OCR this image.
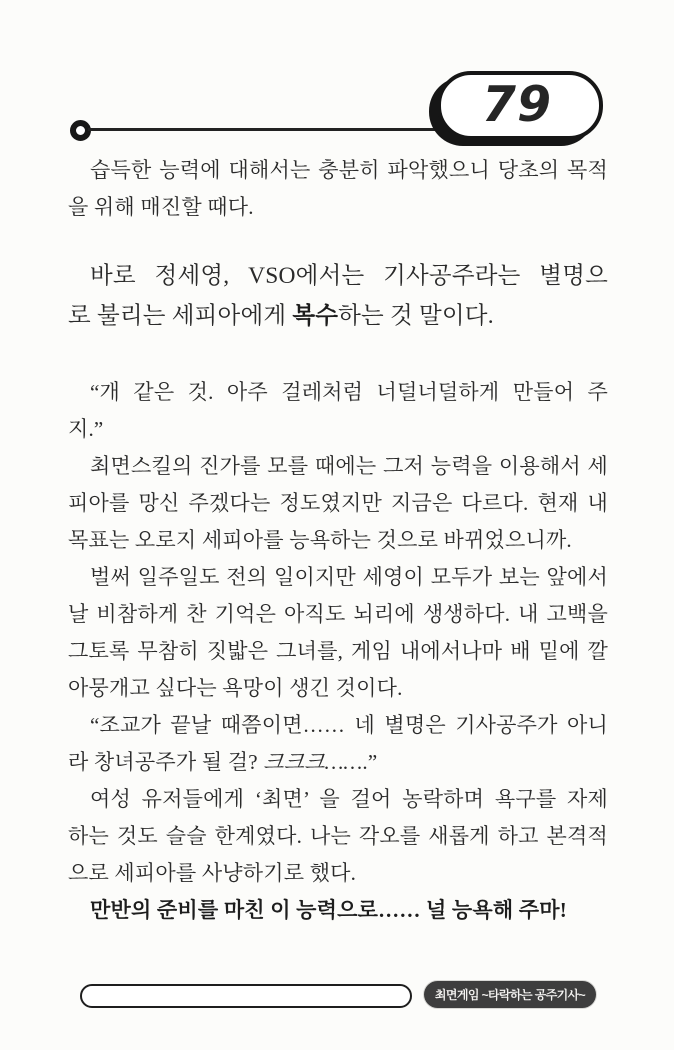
79
습득한 능력에 대해서는 충분히 파악했으니 당초의 목적
을 위해 매진할 때다.
바로 정세영, VSO에서는 기사공주라는 별명으
로 불리는 세피아에게 복수하는 것 말이다.
“개 같은 것. 아주 걸레처럼 너덜너덜하게 만들어 주
지.”
최면스킬의 진가를 모를 때에는 그저 능력을 이용해서 세
피아를 망신 주겠다는 정도였지만 지금은 다르다. 현재 내
목표는 오로지 세피아를 능욕하는 것으로 바뀌었으니까.
벌써 일주일도 전의 일이지만 세영이 모두가 보는 앞에서
날 비참하게 찬 기억은 아직도 뇌리에 생생하다. 내 고백을
그토록 무참히 짓밟은 그녀를, 게임 내에서나마 배 밑에 깔
아뭉개고 싶다는 욕망이 생긴 것이다.
“조교가 끝날 때쯤이면…… 네 별명은 기사공주가 아니
라 창녀공주가 될 걸? 크크크…….”
여성 유저들에게 ‘최면’ 을 걸어 농락하며 욕구를 자제
하는 것도 슬슬 한계였다. 나는 각오를 새롭게 하고 본격적
으로 세피아를 사냥하기로 했다.
만반의 준비를 마친 이 능력으로…… 널 능욕해 주마!
최면게임 ~타락하는 공주기사~
